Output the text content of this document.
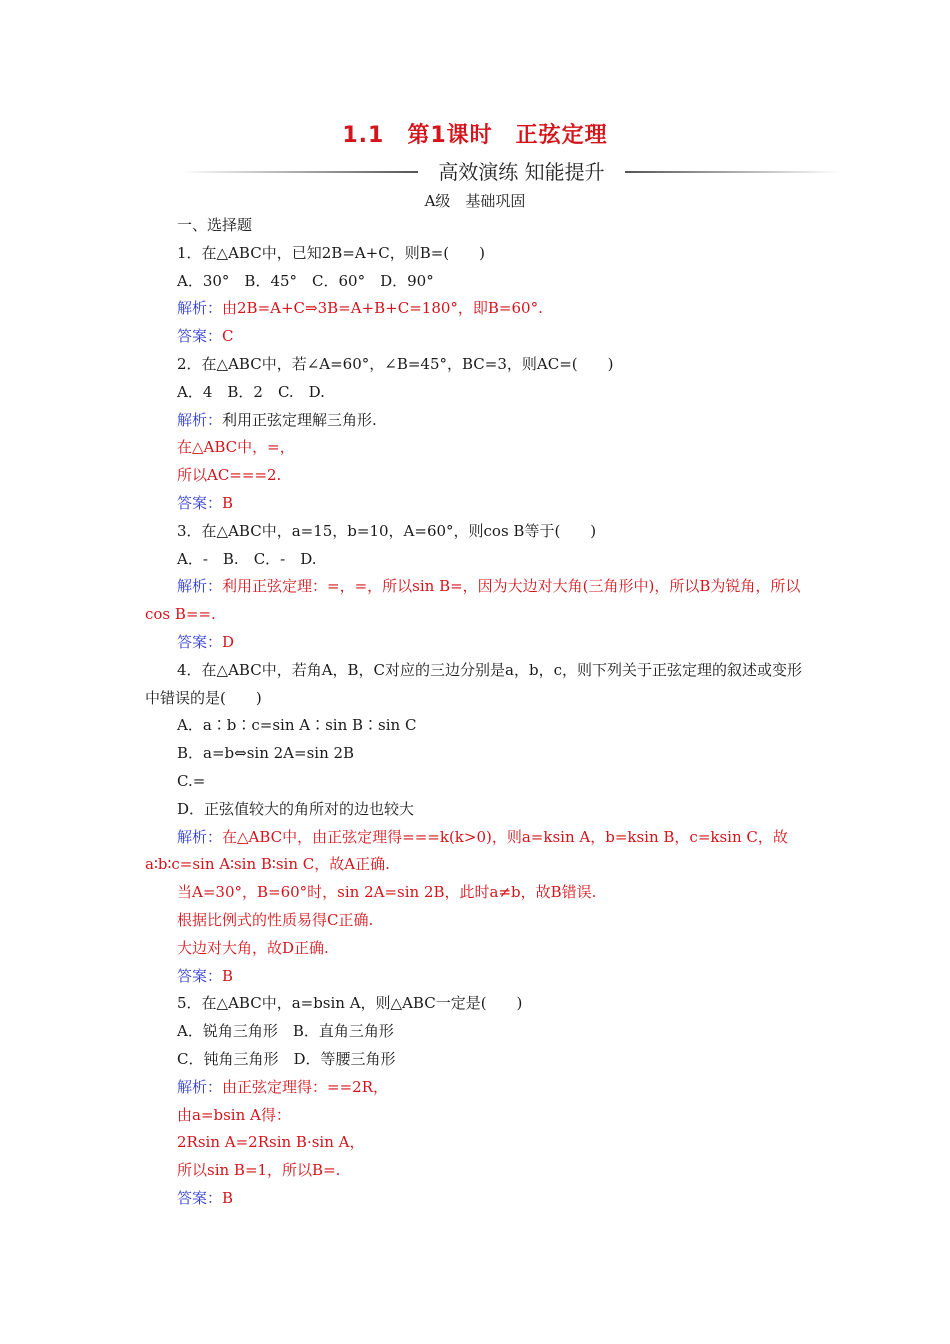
1.1　第1课时　正弦定理
高效演练 知能提升
A级　基础巩固

一、选择题

1．在△ABC中，已知2B=A+C，则B=(　　)

A．30°　B．45°　C．60°　D．90°

解析：由2B=A+C⇒3B=A+B+C=180°，即B=60°.

答案：C

2．在△ABC中，若∠A=60°，∠B=45°，BC=3，则AC=(　　)

A．4　B．2　C.　D.

解析：利用正弦定理解三角形.

在△ABC中，=，

所以AC===2.

答案：B

3．在△ABC中，a=15，b=10，A=60°，则cos B等于(　　)

A．-　B.　C．-　D.

解析：利用正弦定理：=，=，所以sin B=，因为大边对大角(三角形中)，所以B为锐角，所以cos B==.

答案：D

4．在△ABC中，若角A，B，C对应的三边分别是a，b，c，则下列关于正弦定理的叙述或变形中错误的是(　　)

A．a∶b∶c=sin A∶sin B∶sin C

B．a=b⇔sin 2A=sin 2B

C.=

D．正弦值较大的角所对的边也较大

解析：在△ABC中，由正弦定理得===k(k>0)，则a=ksin A，b=ksin B，c=ksin C，故a∶b∶c=sin A∶sin B∶sin C，故A正确.

当A=30°，B=60°时，sin 2A=sin 2B，此时a≠b，故B错误.

根据比例式的性质易得C正确.

大边对大角，故D正确.

答案：B

5．在△ABC中，a=bsin A，则△ABC一定是(　　)

A．锐角三角形　B．直角三角形

C．钝角三角形　D．等腰三角形

解析：由正弦定理得：==2R，

由a=bsin A得：

2Rsin A=2Rsin B·sin A，

所以sin B=1，所以B=.

答案：B
